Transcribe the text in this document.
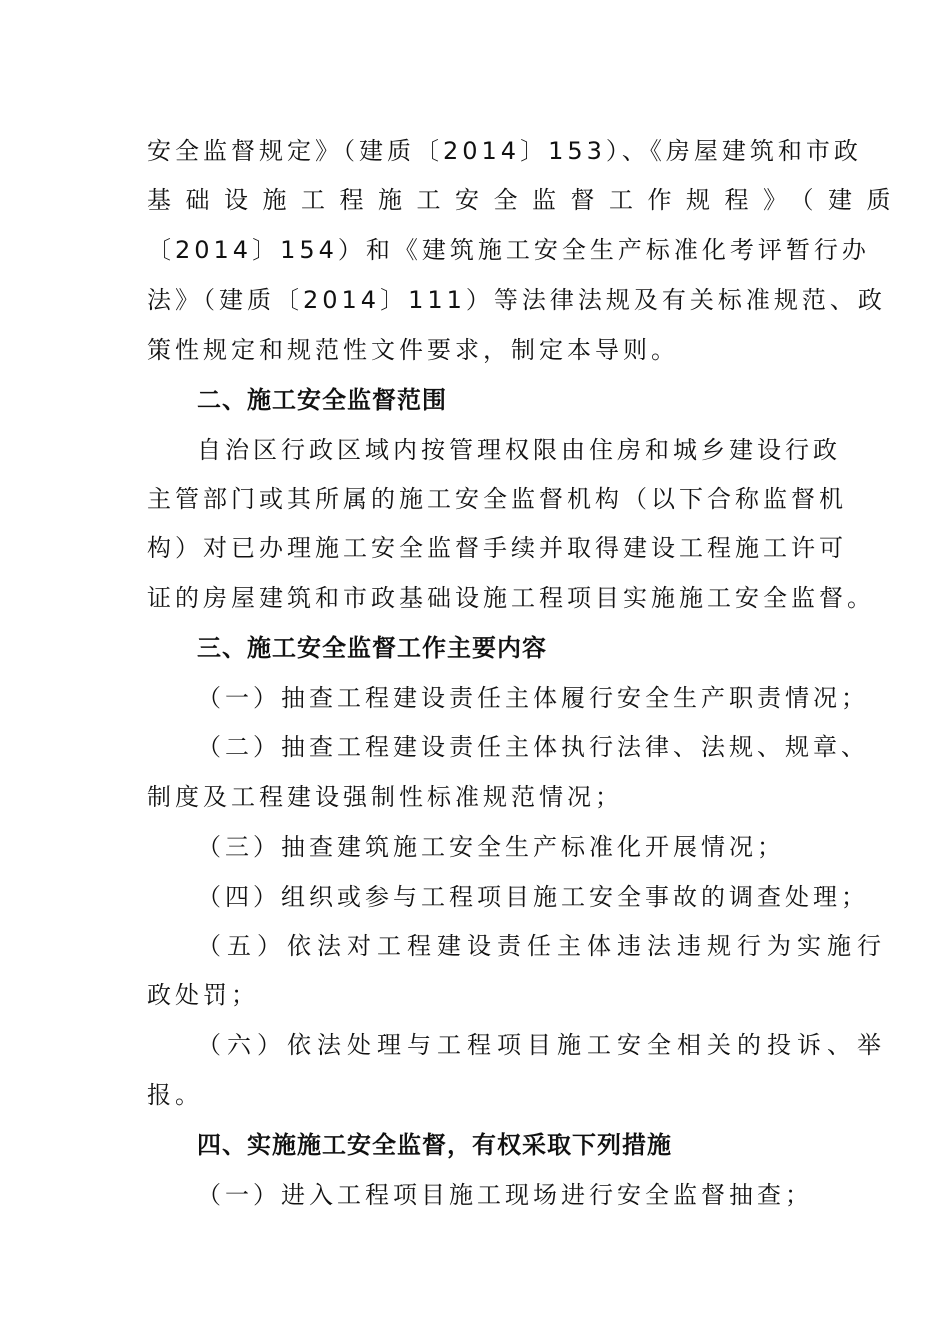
安全监督规定》（建质〔2014〕153）、《房屋建筑和市政
基础设施工程施工安全监督工作规程》（建质
〔2014〕154）和《建筑施工安全生产标准化考评暂行办
法》（建质〔2014〕111）等法律法规及有关标准规范、政
策性规定和规范性文件要求，制定本导则。
二、施工安全监督范围
自治区行政区域内按管理权限由住房和城乡建设行政
主管部门或其所属的施工安全监督机构（以下合称监督机
构）对已办理施工安全监督手续并取得建设工程施工许可
证的房屋建筑和市政基础设施工程项目实施施工安全监督。
三、施工安全监督工作主要内容
（一）抽查工程建设责任主体履行安全生产职责情况；
（二）抽查工程建设责任主体执行法律、法规、规章、
制度及工程建设强制性标准规范情况；
（三）抽查建筑施工安全生产标准化开展情况；
（四）组织或参与工程项目施工安全事故的调查处理；
（五）依法对工程建设责任主体违法违规行为实施行
政处罚；
（六）依法处理与工程项目施工安全相关的投诉、举
报。
四、实施施工安全监督，有权采取下列措施
（一）进入工程项目施工现场进行安全监督抽查；
